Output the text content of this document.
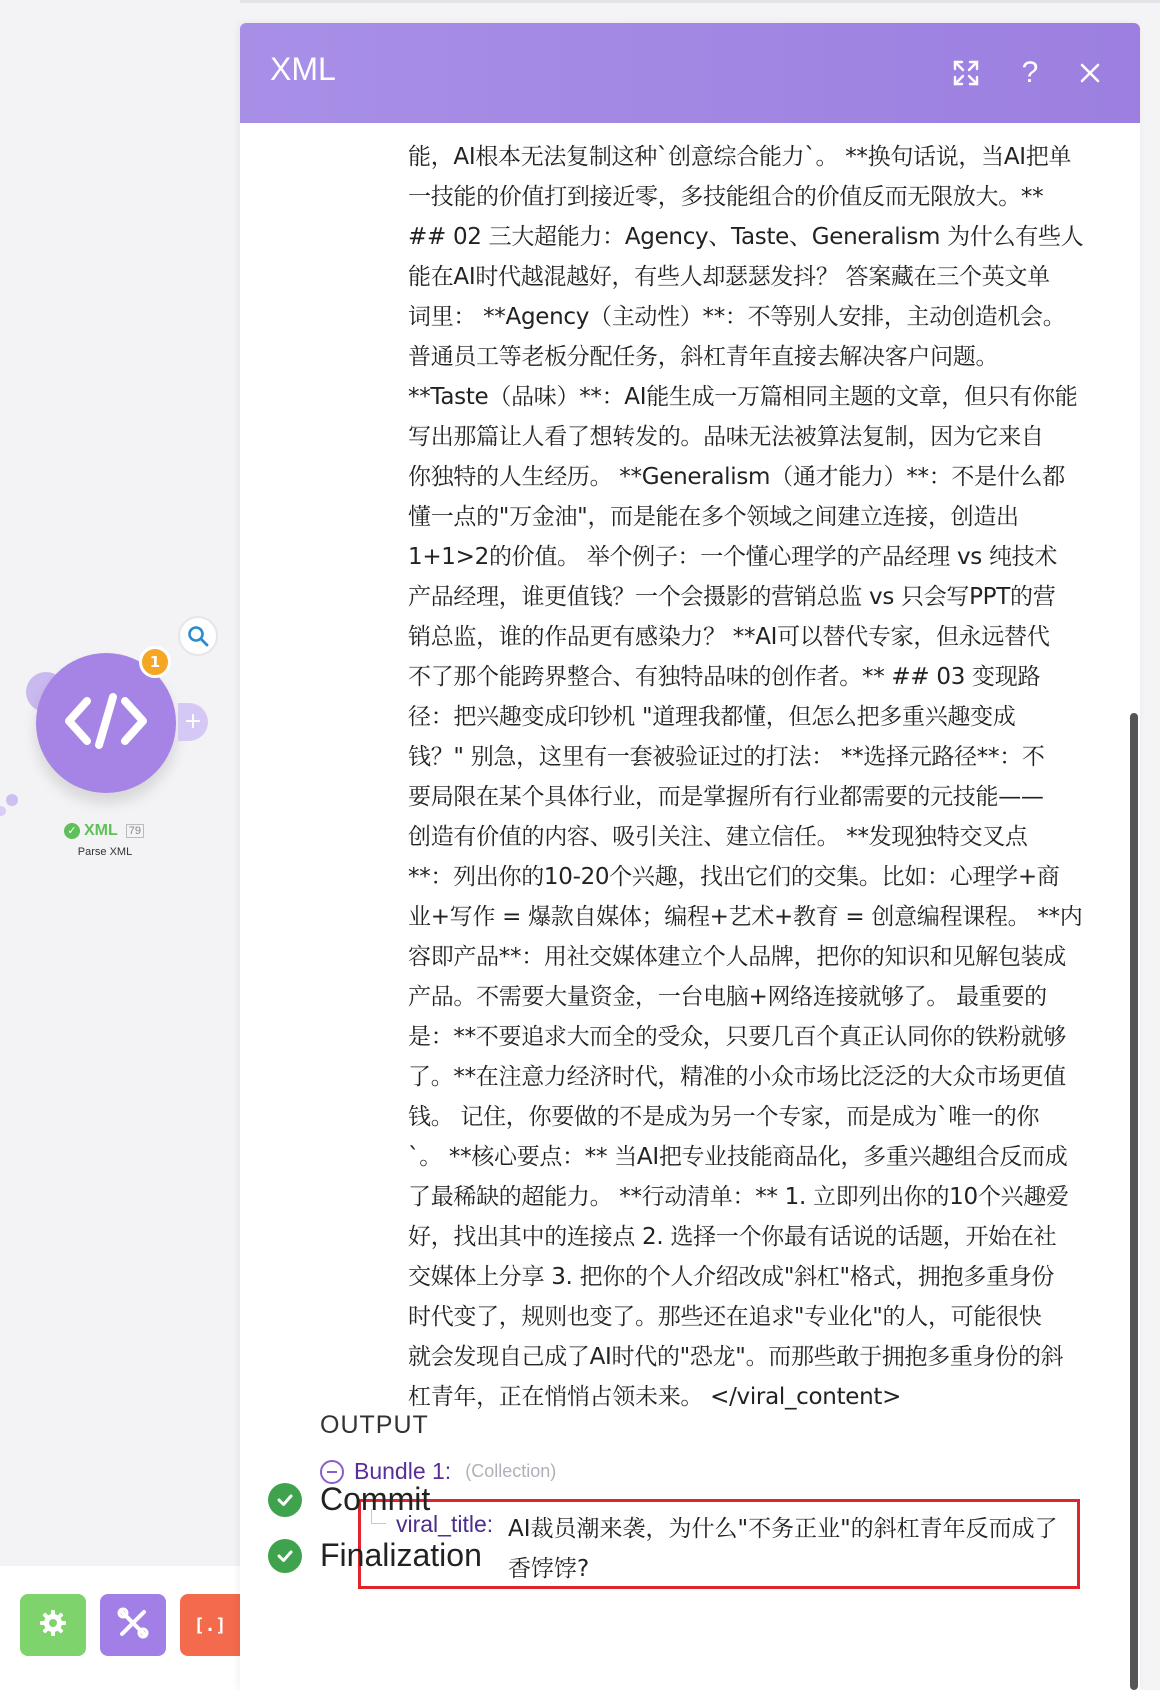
+
1
✓ XML 79
Parse XML
[.]
XML	?
能，AI根本无法复制这种`创意综合能力`。 **换句话说，当AI把单
一技能的价值打到接近零，多技能组合的价值反而无限放大。**
## 02 三大超能力：Agency、Taste、Generalism 为什么有些人
能在AI时代越混越好，有些人却瑟瑟发抖？ 答案藏在三个英文单
词里： **Agency（主动性）**：不等别人安排，主动创造机会。
普通员工等老板分配任务，斜杠青年直接去解决客户问题。
**Taste（品味）**：AI能生成一万篇相同主题的文章，但只有你能
写出那篇让人看了想转发的。品味无法被算法复制，因为它来自
你独特的人生经历。 **Generalism（通才能力）**：不是什么都
懂一点的"万金油"，而是能在多个领域之间建立连接，创造出
1+1>2的价值。 举个例子：一个懂心理学的产品经理 vs 纯技术
产品经理，谁更值钱？一个会摄影的营销总监 vs 只会写PPT的营
销总监，谁的作品更有感染力？ **AI可以替代专家，但永远替代
不了那个能跨界整合、有独特品味的创作者。** ## 03 变现路
径：把兴趣变成印钞机 "道理我都懂，但怎么把多重兴趣变成
钱？" 别急，这里有一套被验证过的打法： **选择元路径**：不
要局限在某个具体行业，而是掌握所有行业都需要的元技能——
创造有价值的内容、吸引关注、建立信任。 **发现独特交叉点
**：列出你的10-20个兴趣，找出它们的交集。比如：心理学+商
业+写作 = 爆款自媒体；编程+艺术+教育 = 创意编程课程。 **内
容即产品**：用社交媒体建立个人品牌，把你的知识和见解包装成
产品。不需要大量资金，一台电脑+网络连接就够了。 最重要的
是：**不要追求大而全的受众，只要几百个真正认同你的铁粉就够
了。**在注意力经济时代，精准的小众市场比泛泛的大众市场更值
钱。 记住，你要做的不是成为另一个专家，而是成为`唯一的你
`。 **核心要点：** 当AI把专业技能商品化，多重兴趣组合反而成
了最稀缺的超能力。 **行动清单：** 1. 立即列出你的10个兴趣爱
好，找出其中的连接点 2. 选择一个你最有话说的话题，开始在社
交媒体上分享 3. 把你的个人介绍改成"斜杠"格式，拥抱多重身份
时代变了，规则也变了。那些还在追求"专业化"的人，可能很快
就会发现自己成了AI时代的"恐龙"。而那些敢于拥抱多重身份的斜
杠青年，正在悄悄占领未来。 </viral_content>
OUTPUT
Bundle 1: (Collection)
viral_title: AI裁员潮来袭，为什么"不务正业"的斜杠青年反而成了香饽饽?
Commit
Finalization
